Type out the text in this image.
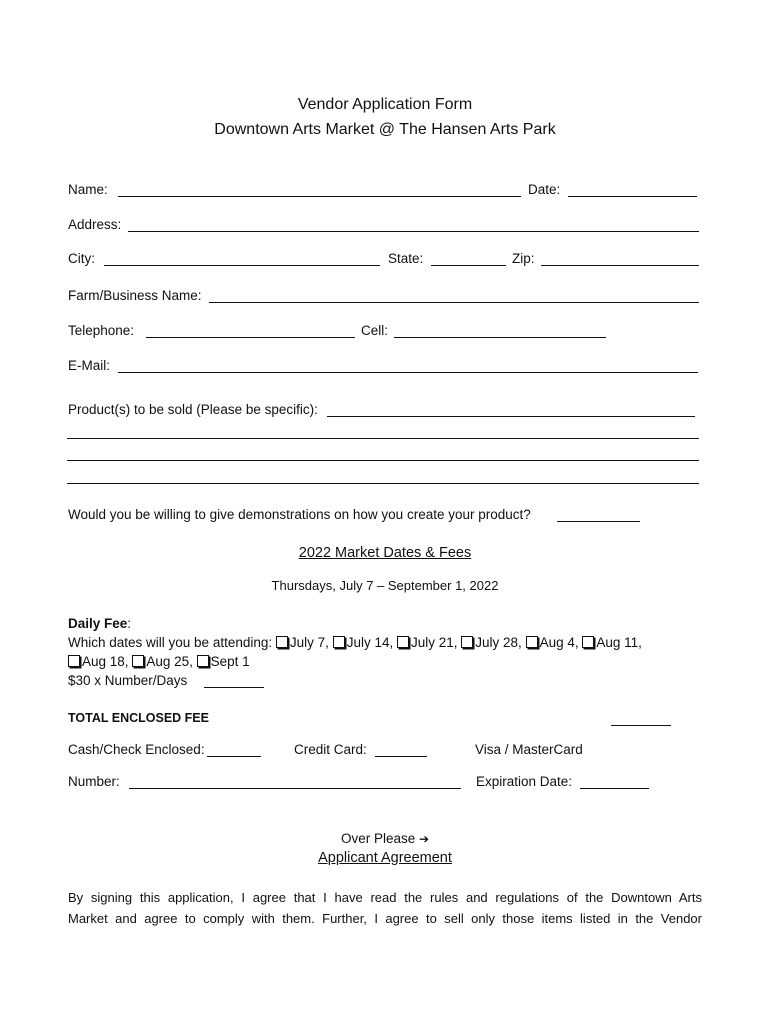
Vendor Application Form
Downtown Arts Market @ The Hansen Arts Park
Name:	Date:
Address:
City:	State:	Zip:
Farm/Business Name:
Telephone:	Cell:
E-Mail:
Product(s) to be sold (Please be specific):
Would you be willing to give demonstrations on how you create your product?
2022 Market Dates & Fees
Thursdays, July 7 – September 1, 2022
Daily Fee:
Which dates will you be attending: July 7, July 14, July 21, July 28, Aug 4, Aug 11,
Aug 18, Aug 25, Sept 1
$30 x Number/Days
TOTAL ENCLOSED FEE
Cash/Check Enclosed:	Credit Card:	Visa / MasterCard
Number:	Expiration Date:
Over Please ➔
Applicant Agreement
By signing this application, I agree that I have read the rules and regulations of the Downtown Arts
Market and agree to comply with them. Further, I agree to sell only those items listed in the Vendor
